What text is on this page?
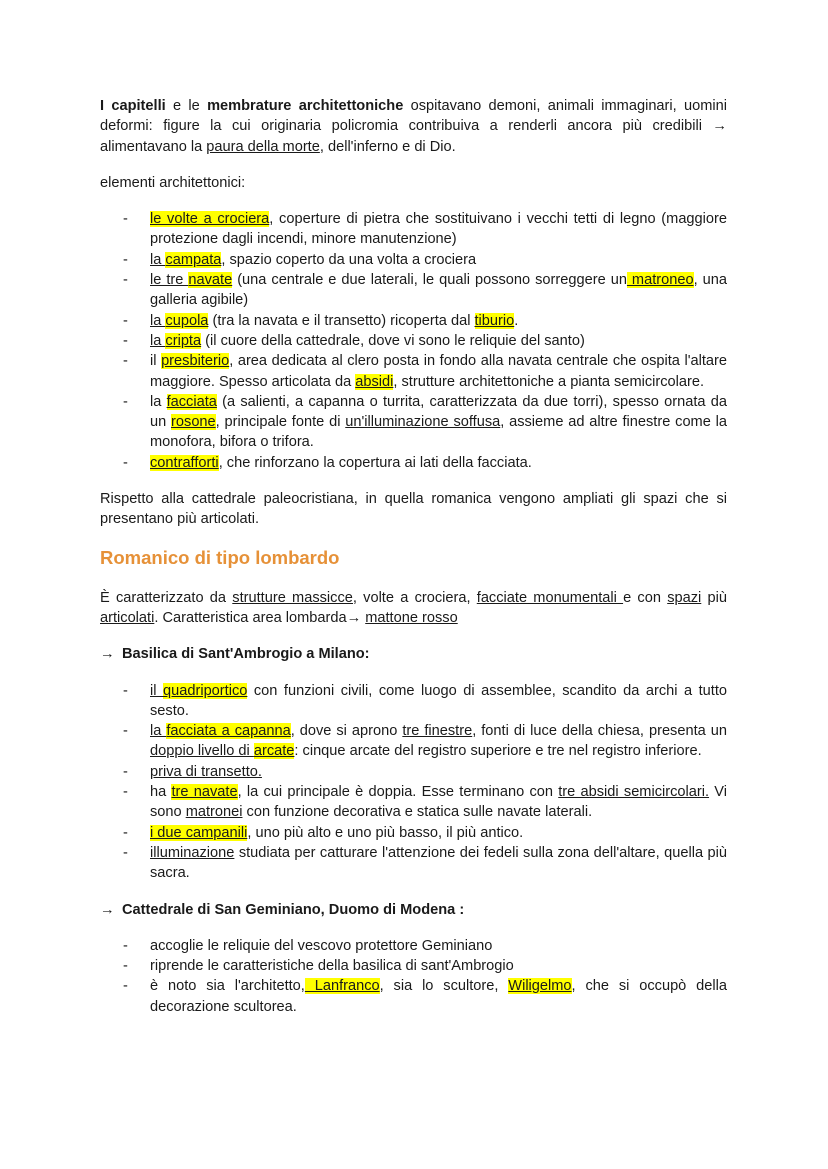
I capitelli e le membrature architettoniche ospitavano demoni, animali immaginari, uomini deformi: figure la cui originaria policromia contribuiva a renderli ancora più credibili → alimentavano la paura della morte, dell'inferno e di Dio.

elementi architettonici:

- le volte a crociera, coperture di pietra che sostituivano i vecchi tetti di legno (maggiore protezione dagli incendi, minore manutenzione)
- la campata, spazio coperto da una volta a crociera
- le tre navate (una centrale e due laterali, le quali possono sorreggere un matroneo, una galleria agibile)
- la cupola (tra la navata e il transetto) ricoperta dal tiburio.
- la cripta (il cuore della cattedrale, dove vi sono le reliquie del santo)
- il presbiterio, area dedicata al clero posta in fondo alla navata centrale che ospita l'altare maggiore. Spesso articolata da absidi, strutture architettoniche a pianta semicircolare.
- la facciata (a salienti, a capanna o turrita, caratterizzata da due torri), spesso ornata da un rosone, principale fonte di un'illuminazione soffusa, assieme ad altre finestre come la monofora, bifora o trifora.
- contrafforti, che rinforzano la copertura ai lati della facciata.

Rispetto alla cattedrale paleocristiana, in quella romanica vengono ampliati gli spazi che si presentano più articolati.

Romanico di tipo lombardo

È caratterizzato da strutture massicce, volte a crociera, facciate monumentali e con spazi più articolati. Caratteristica area lombarda→ mattone rosso

→ Basilica di Sant'Ambrogio a Milano:

- il quadriportico con funzioni civili, come luogo di assemblee, scandito da archi a tutto sesto.
- la facciata a capanna, dove si aprono tre finestre, fonti di luce della chiesa, presenta un doppio livello di arcate: cinque arcate del registro superiore e tre nel registro inferiore.
- priva di transetto.
- ha tre navate, la cui principale è doppia. Esse terminano con tre absidi semicircolari. Vi sono matronei con funzione decorativa e statica sulle navate laterali.
- i due campanili, uno più alto e uno più basso, il più antico.
- illuminazione studiata per catturare l'attenzione dei fedeli sulla zona dell'altare, quella più sacra.

→ Cattedrale di San Geminiano, Duomo di Modena :

- accoglie le reliquie del vescovo protettore Geminiano
- riprende le caratteristiche della basilica di sant'Ambrogio
- è noto sia l'architetto, Lanfranco, sia lo scultore, Wiligelmo, che si occupò della decorazione scultorea.
